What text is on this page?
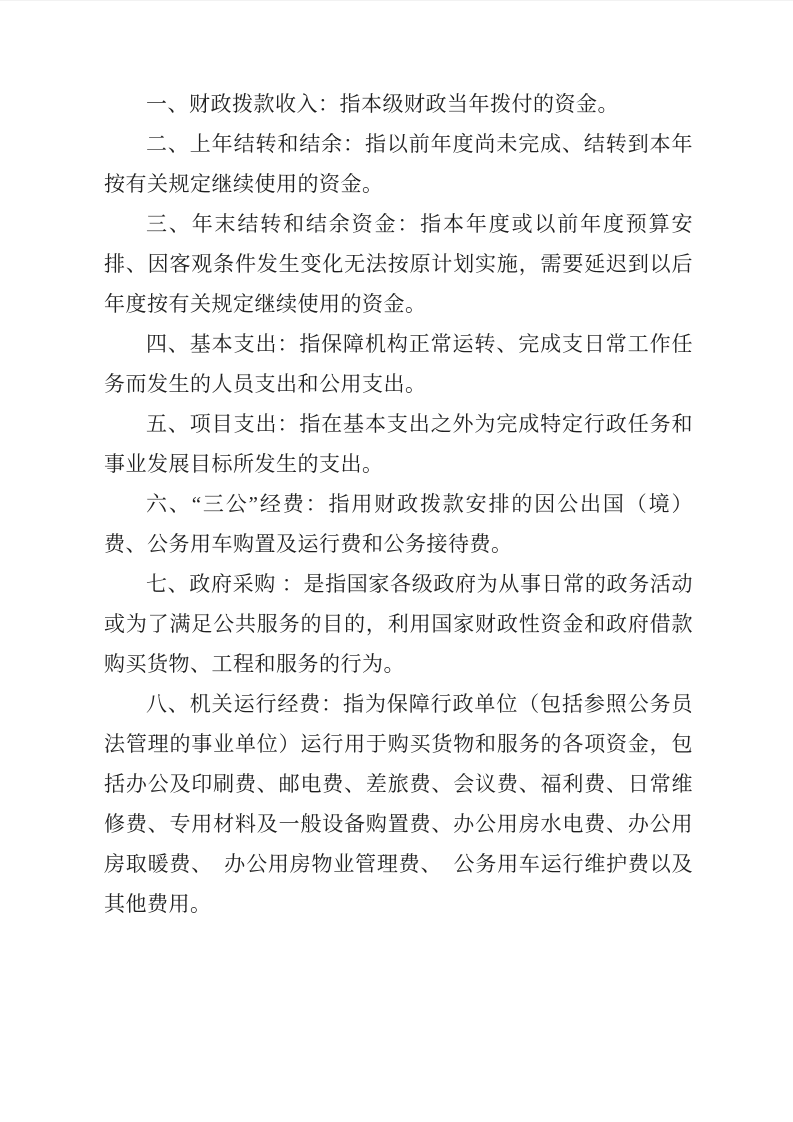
一、财政拨款收入：指本级财政当年拨付的资金。

二、上年结转和结余：指以前年度尚未完成、结转到本年按有关规定继续使用的资金。

三、年末结转和结余资金：指本年度或以前年度预算安排、因客观条件发生变化无法按原计划实施，需要延迟到以后年度按有关规定继续使用的资金。

四、基本支出：指保障机构正常运转、完成支日常工作任务而发生的人员支出和公用支出。

五、项目支出：指在基本支出之外为完成特定行政任务和事业发展目标所发生的支出。

六、“三公”经费：指用财政拨款安排的因公出国（境）费、公务用车购置及运行费和公务接待费。

七、政府采购 ：是指国家各级政府为从事日常的政务活动或为了满足公共服务的目的，利用国家财政性资金和政府借款购买货物、工程和服务的行为。

八、机关运行经费：指为保障行政单位（包括参照公务员法管理的事业单位）运行用于购买货物和服务的各项资金，包括办公及印刷费、邮电费、差旅费、会议费、福利费、日常维修费、专用材料及一般设备购置费、办公用房水电费、办公用房取暖费、　办公用房物业管理费、　公务用车运行维护费以及其他费用。
